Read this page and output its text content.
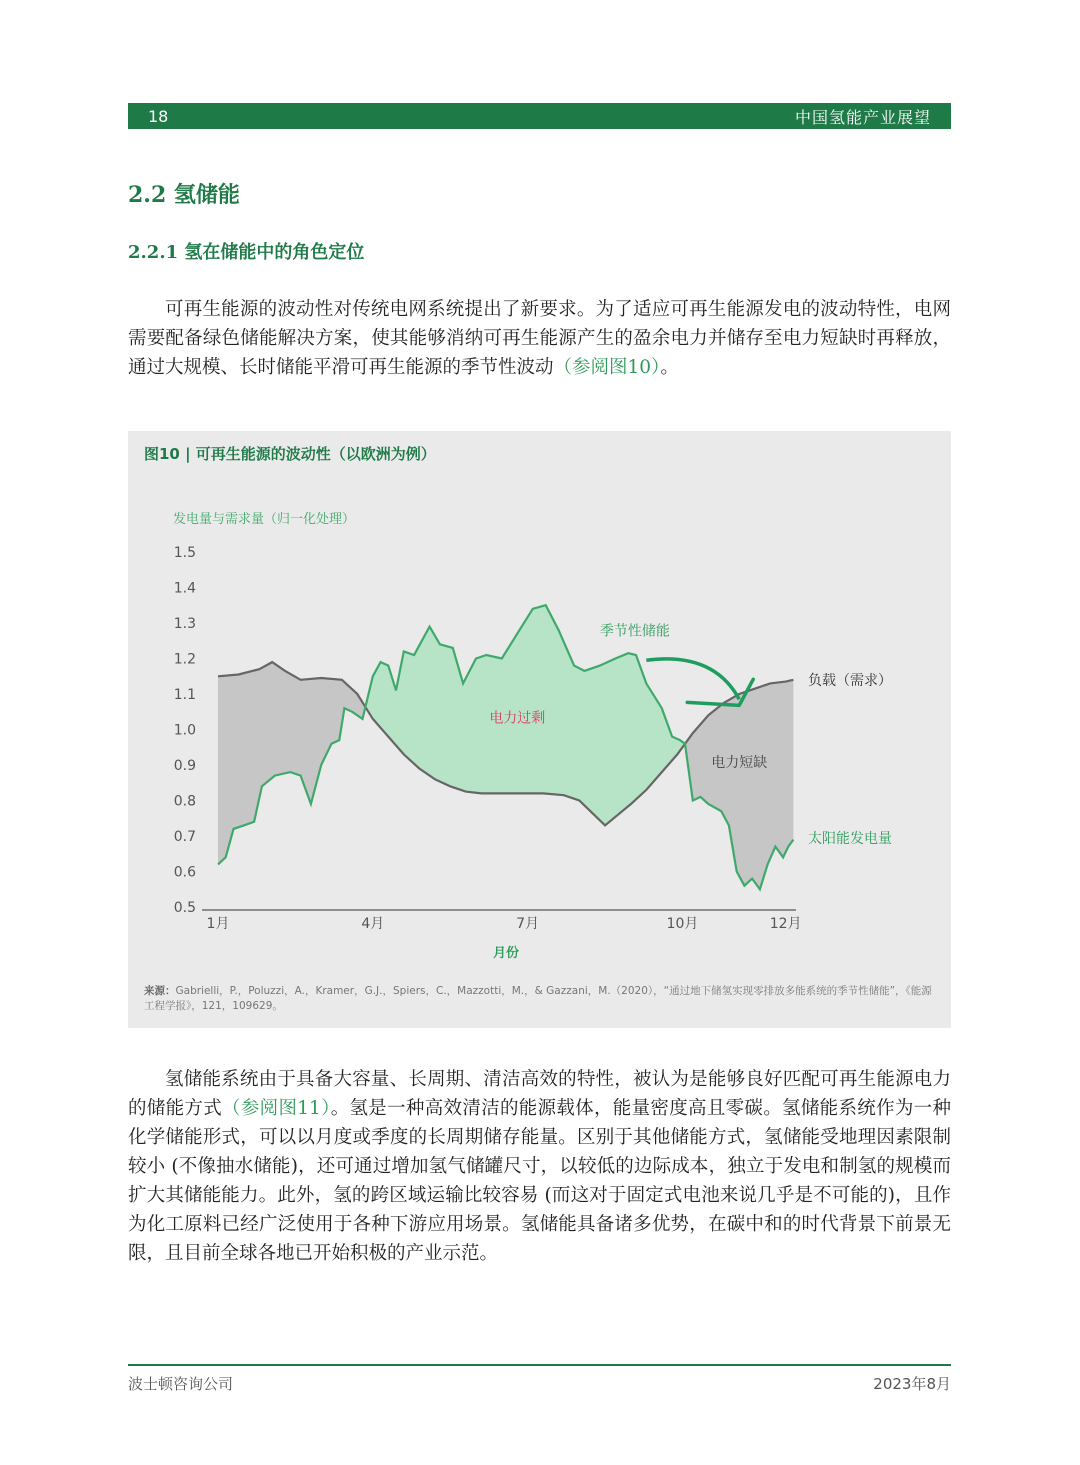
18	中国氢能产业展望
2.2 氢储能
2.2.1 氢在储能中的角色定位

可再生能源的波动性对传统电网系统提出了新要求。为了适应可再生能源发电的波动特性，电网需要配备绿色储能解决方案，使其能够消纳可再生能源产生的盈余电力并储存至电力短缺时再释放，通过大规模、长时储能平滑可再生能源的季节性波动（参阅图10）。

图10 | 可再生能源的波动性（以欧洲为例）
发电量与需求量（归一化处理）
1.5
1.4
1.3
1.2
1.1
1.0
0.9
0.8
0.7
0.6
0.5
1月	4月	7月	10月	12月
月份
电力过剩
电力短缺
季节性储能
负载（需求）
太阳能发电量
来源：Gabrielli，P.，Poluzzi，A.，Kramer，G.J.，Spiers，C.，Mazzotti，M.，& Gazzani，M.（2020），“通过地下储氢实现零排放多能系统的季节性储能”，《能源工程学报》，121，109629。

氢储能系统由于具备大容量、长周期、清洁高效的特性，被认为是能够良好匹配可再生能源电力的储能方式（参阅图11）。氢是一种高效清洁的能源载体，能量密度高且零碳。氢储能系统作为一种化学储能形式，可以以月度或季度的长周期储存能量。区别于其他储能方式，氢储能受地理因素限制较小 (不像抽水储能)，还可通过增加氢气储罐尺寸，以较低的边际成本，独立于发电和制氢的规模而扩大其储能能力。此外，氢的跨区域运输比较容易 (而这对于固定式电池来说几乎是不可能的)，且作为化工原料已经广泛使用于各种下游应用场景。氢储能具备诸多优势，在碳中和的时代背景下前景无限，且目前全球各地已开始积极的产业示范。

波士顿咨询公司	2023年8月
